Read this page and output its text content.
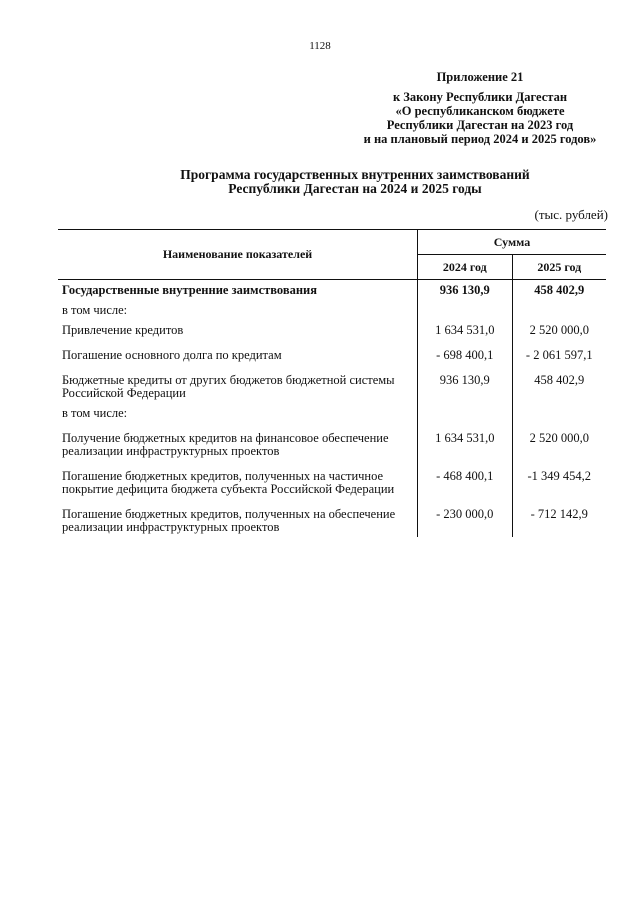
1128
Приложение 21
к Закону Республики Дагестан
«О республиканском бюджете
Республики Дагестан на 2023 год
и на плановый период 2024 и 2025 годов»
Программа государственных внутренних заимствований
Республики Дагестан на 2024 и 2025 годы
(тыс. рублей)
Наименование показателей	Сумма	
	2024 год	2025 год
Государственные внутренние заимствования	936 130,9	458 402,9
в том числе:		
Привлечение кредитов	1 634 531,0	2 520 000,0
Погашение основного долга по кредитам	- 698 400,1	- 2 061 597,1
Бюджетные кредиты от других бюджетов бюджетной системы Российской Федерации	936 130,9	458 402,9
в том числе:		
Получение бюджетных кредитов на финансовое обеспечение реализации инфраструктурных проектов	1 634 531,0	2 520 000,0
Погашение бюджетных кредитов, полученных на частичное покрытие дефицита бюджета субъекта Российской Федерации	- 468 400,1	-1 349 454,2
Погашение бюджетных кредитов, полученных на обеспечение реализации инфраструктурных проектов	- 230 000,0	- 712 142,9
